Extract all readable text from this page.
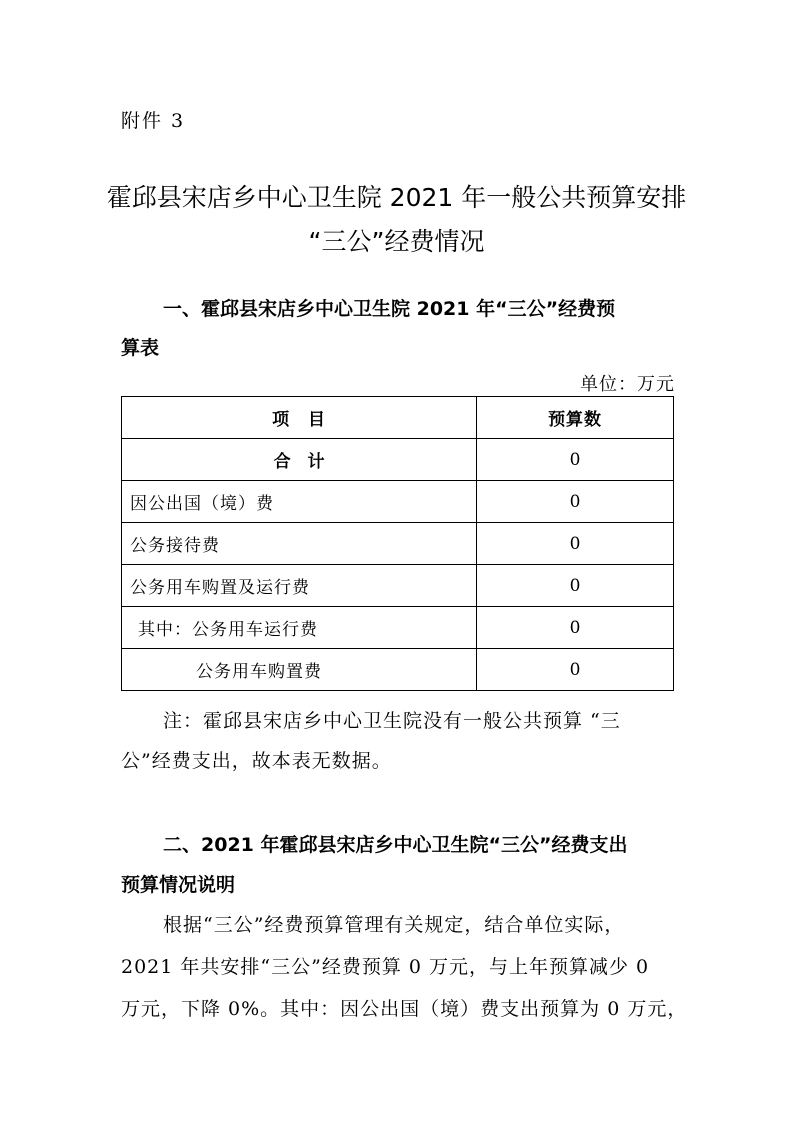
附件 3
霍邱县宋店乡中心卫生院 2021 年一般公共预算安排
“三公”经费情况
一、霍邱县宋店乡中心卫生院 2021 年“三公”经费预
算表
单位：万元
项　目	预算数
合　计	0
因公出国（境）费	0
公务接待费	0
公务用车购置及运行费	0
其中：公务用车运行费	0
公务用车购置费	0
注：霍邱县宋店乡中心卫生院没有一般公共预算 “三
公”经费支出，故本表无数据。
二、2021 年霍邱县宋店乡中心卫生院“三公”经费支出
预算情况说明
根据“三公”经费预算管理有关规定，结合单位实际，
2021 年共安排“三公”经费预算 0 万元，与上年预算减少 0
万元，下降 0%。其中：因公出国（境）费支出预算为 0 万元，
